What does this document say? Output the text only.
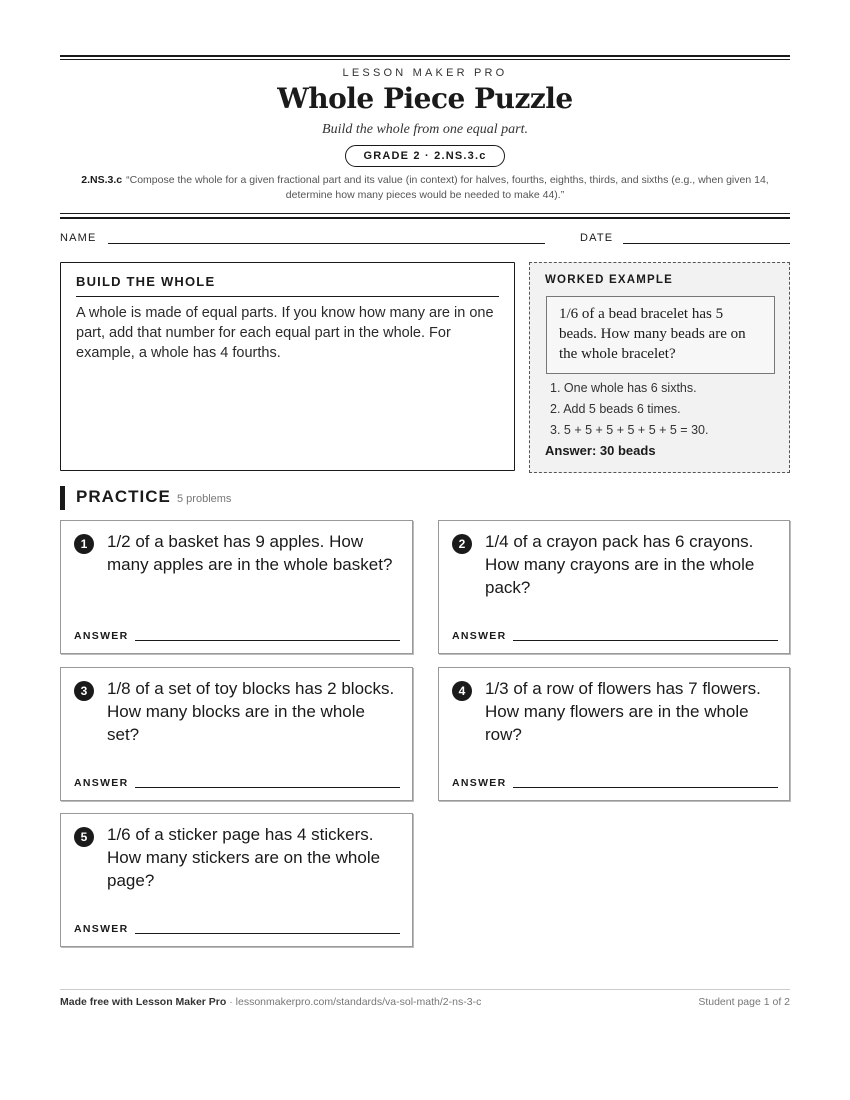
LESSON MAKER PRO
Whole Piece Puzzle
Build the whole from one equal part.
GRADE 2 · 2.NS.3.c
2.NS.3.c “Compose the whole for a given fractional part and its value (in context) for halves, fourths, eighths, thirds, and sixths (e.g., when given 14, determine how many pieces would be needed to make 44).”
NAME	DATE
BUILD THE WHOLE
A whole is made of equal parts. If you know how many are in one part, add that number for each equal part in the whole. For example, a whole has 4 fourths.
WORKED EXAMPLE
1/6 of a bead bracelet has 5 beads. How many beads are on the whole bracelet?
1. One whole has 6 sixths.
2. Add 5 beads 6 times.
3. 5 + 5 + 5 + 5 + 5 + 5 = 30.
Answer: 30 beads
PRACTICE 5 problems
1	1/2 of a basket has 9 apples. How many apples are in the whole basket?
ANSWER
2	1/4 of a crayon pack has 6 crayons. How many crayons are in the whole pack?
ANSWER
3	1/8 of a set of toy blocks has 2 blocks. How many blocks are in the whole set?
ANSWER
4	1/3 of a row of flowers has 7 flowers. How many flowers are in the whole row?
ANSWER
5	1/6 of a sticker page has 4 stickers. How many stickers are on the whole page?
ANSWER
Made free with Lesson Maker Pro · lessonmakerpro.com/standards/va-sol-math/2-ns-3-c	Student page 1 of 2
